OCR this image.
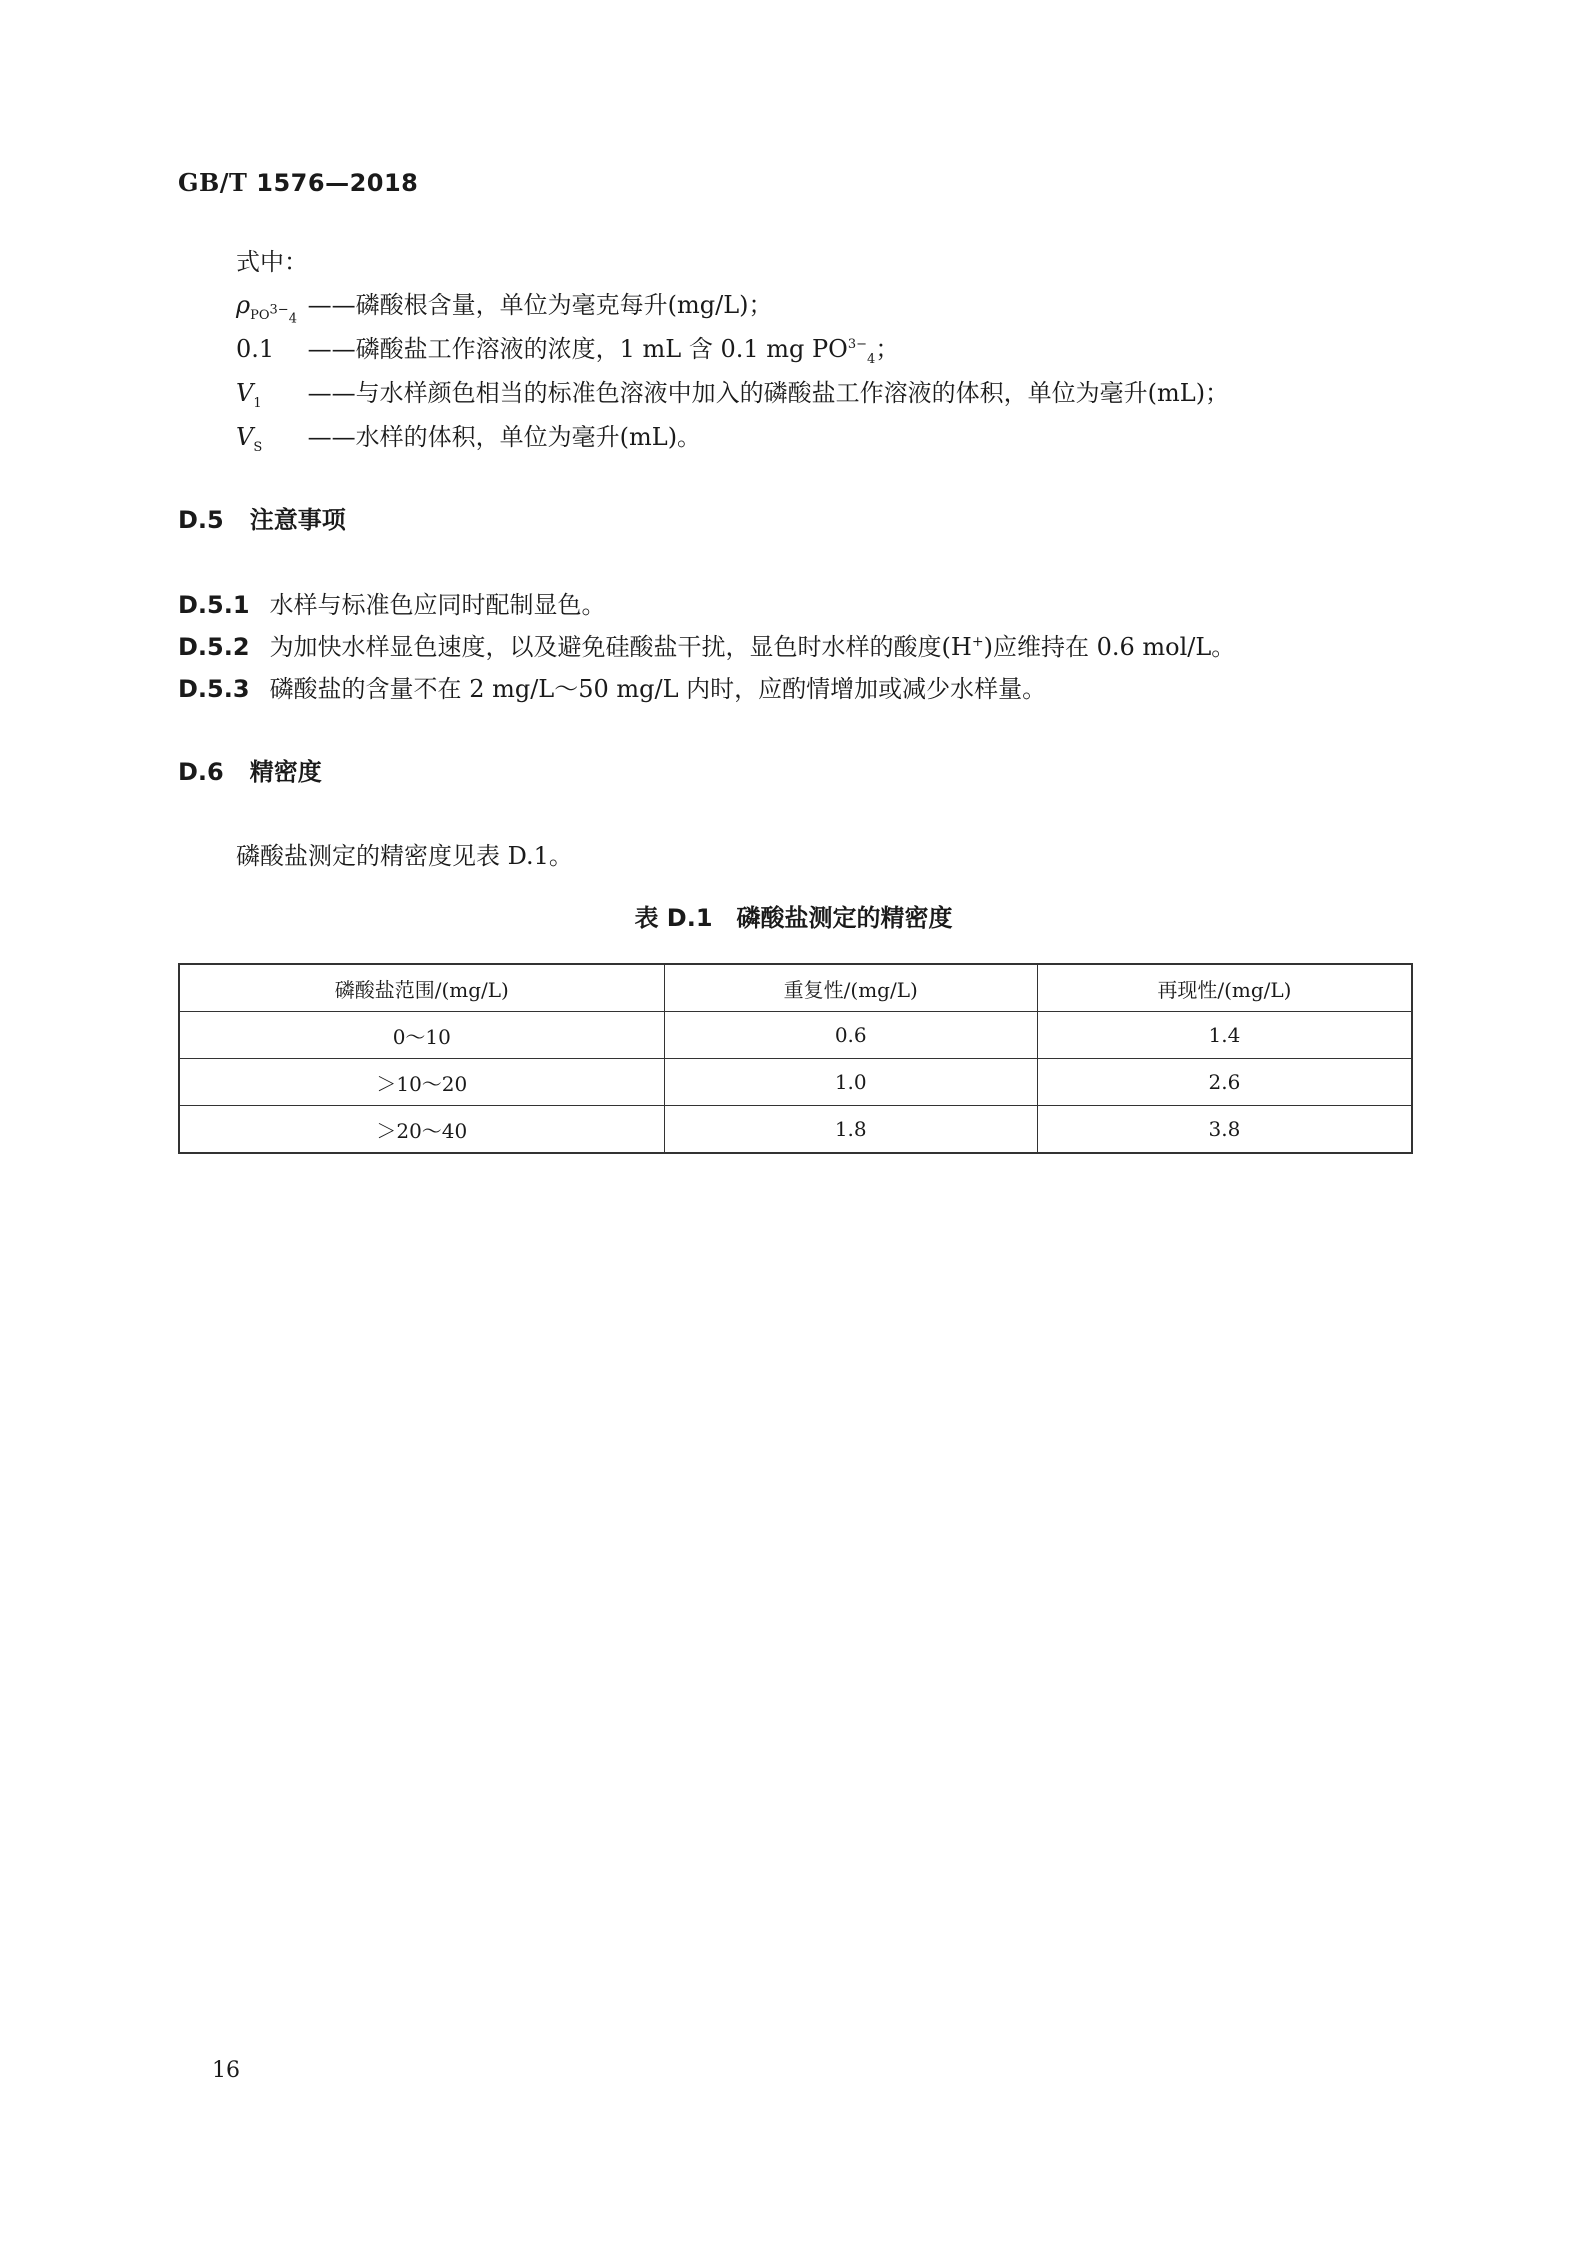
GB/T 1576—2018
式中：
$\rho_{PO^{3-}_4}$ ——磷酸根含量，单位为毫克每升(mg/L)；
0.1 ——磷酸盐工作溶液的浓度，1 mL 含 0.1 mg $PO^{3-}_4$；
$V_1$ ——与水样颜色相当的标准色溶液中加入的磷酸盐工作溶液的体积，单位为毫升(mL)；
$V_S$ ——水样的体积，单位为毫升(mL)。
D.5 注意事项
D.5.1 水样与标准色应同时配制显色。
D.5.2 为加快水样显色速度，以及避免硅酸盐干扰，显色时水样的酸度(H+)应维持在 0.6 mol/L。
D.5.3 磷酸盐的含量不在 2 mg/L～50 mg/L 内时，应酌情增加或减少水样量。
D.6 精密度
磷酸盐测定的精密度见表 D.1。
表 D.1　磷酸盐测定的精密度
磷酸盐范围/(mg/L)	重复性/(mg/L)	再现性/(mg/L)
0～10	0.6	1.4
＞10～20	1.0	2.6
＞20～40	1.8	3.8
16
